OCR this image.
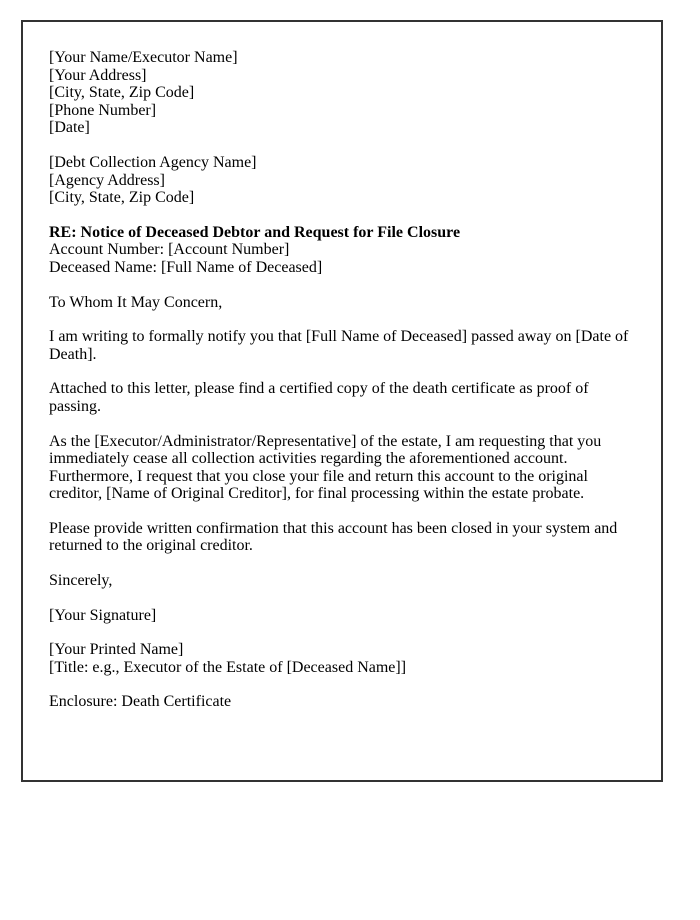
[Your Name/Executor Name]
[Your Address]
[City, State, Zip Code]
[Phone Number]
[Date]
[Debt Collection Agency Name]
[Agency Address]
[City, State, Zip Code]
RE: Notice of Deceased Debtor and Request for File Closure
Account Number: [Account Number]
Deceased Name: [Full Name of Deceased]
To Whom It May Concern,
I am writing to formally notify you that [Full Name of Deceased] passed away on [Date of Death].
Attached to this letter, please find a certified copy of the death certificate as proof of passing.
As the [Executor/Administrator/Representative] of the estate, I am requesting that you immediately cease all collection activities regarding the aforementioned account. Furthermore, I request that you close your file and return this account to the original creditor, [Name of Original Creditor], for final processing within the estate probate.
Please provide written confirmation that this account has been closed in your system and returned to the original creditor.
Sincerely,
[Your Signature]
[Your Printed Name]
[Title: e.g., Executor of the Estate of [Deceased Name]]
Enclosure: Death Certificate
